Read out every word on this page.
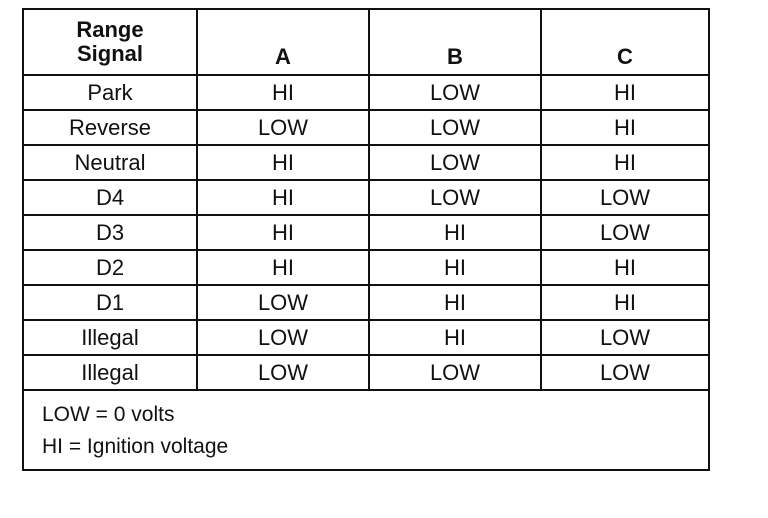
Range
Signal	A	B	C
Park	HI	LOW	HI
Reverse	LOW	LOW	HI
Neutral	HI	LOW	HI
D4	HI	LOW	LOW
D3	HI	HI	LOW
D2	HI	HI	HI
D1	LOW	HI	HI
Illegal	LOW	HI	LOW
Illegal	LOW	LOW	LOW
LOW = 0 volts
HI = Ignition voltage
